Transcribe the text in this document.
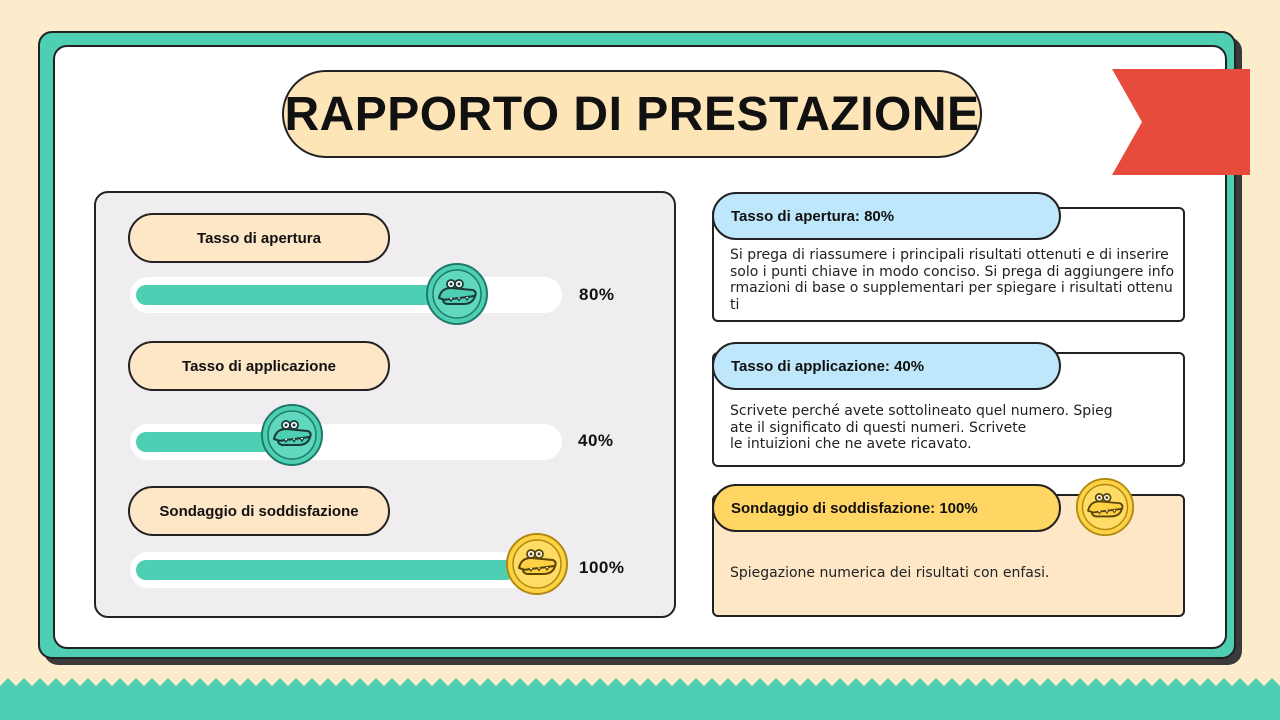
RAPPORTO DI PRESTAZIONE
Tasso di apertura
80%
Tasso di applicazione
40%
Sondaggio di soddisfazione
100%
Tasso di apertura: 80%
Si prega di riassumere i principali risultati ottenuti e di inserire
solo i punti chiave in modo conciso. Si prega di aggiungere info
rmazioni di base o supplementari per spiegare i risultati ottenu
ti
Tasso di applicazione: 40%
Scrivete perché avete sottolineato quel numero. Spieg
ate il significato di questi numeri. Scrivete
le intuizioni che ne avete ricavato.
Sondaggio di soddisfazione: 100%
Spiegazione numerica dei risultati con enfasi.
